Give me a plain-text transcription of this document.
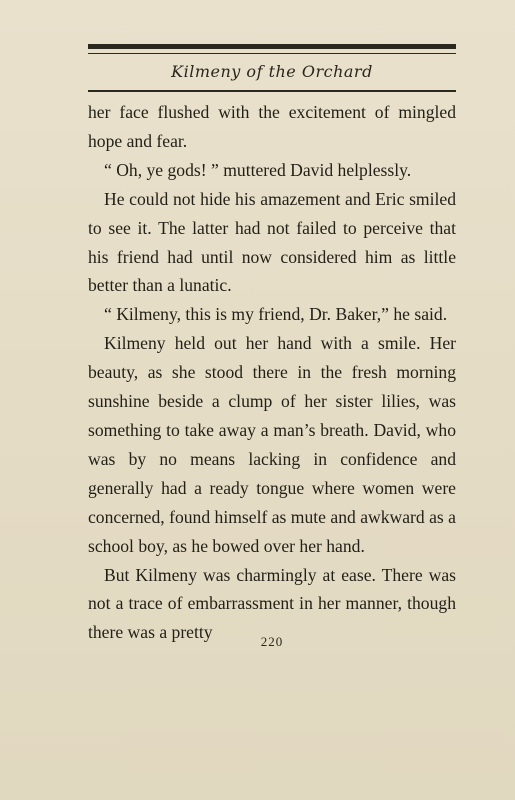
Kilmeny of the Orchard

her face flushed with the excitement of mingled hope and fear.

“ Oh, ye gods! ” muttered David helplessly.

He could not hide his amazement and Eric smiled to see it. The latter had not failed to perceive that his friend had until now considered him as little better than a lunatic.

“ Kilmeny, this is my friend, Dr. Baker,” he said.

Kilmeny held out her hand with a smile. Her beauty, as she stood there in the fresh morning sunshine beside a clump of her sister lilies, was something to take away a man’s breath. David, who was by no means lacking in confidence and generally had a ready tongue where women were concerned, found himself as mute and awkward as a school boy, as he bowed over her hand.

But Kilmeny was charmingly at ease. There was not a trace of embarrassment in her manner, though there was a pretty	220
